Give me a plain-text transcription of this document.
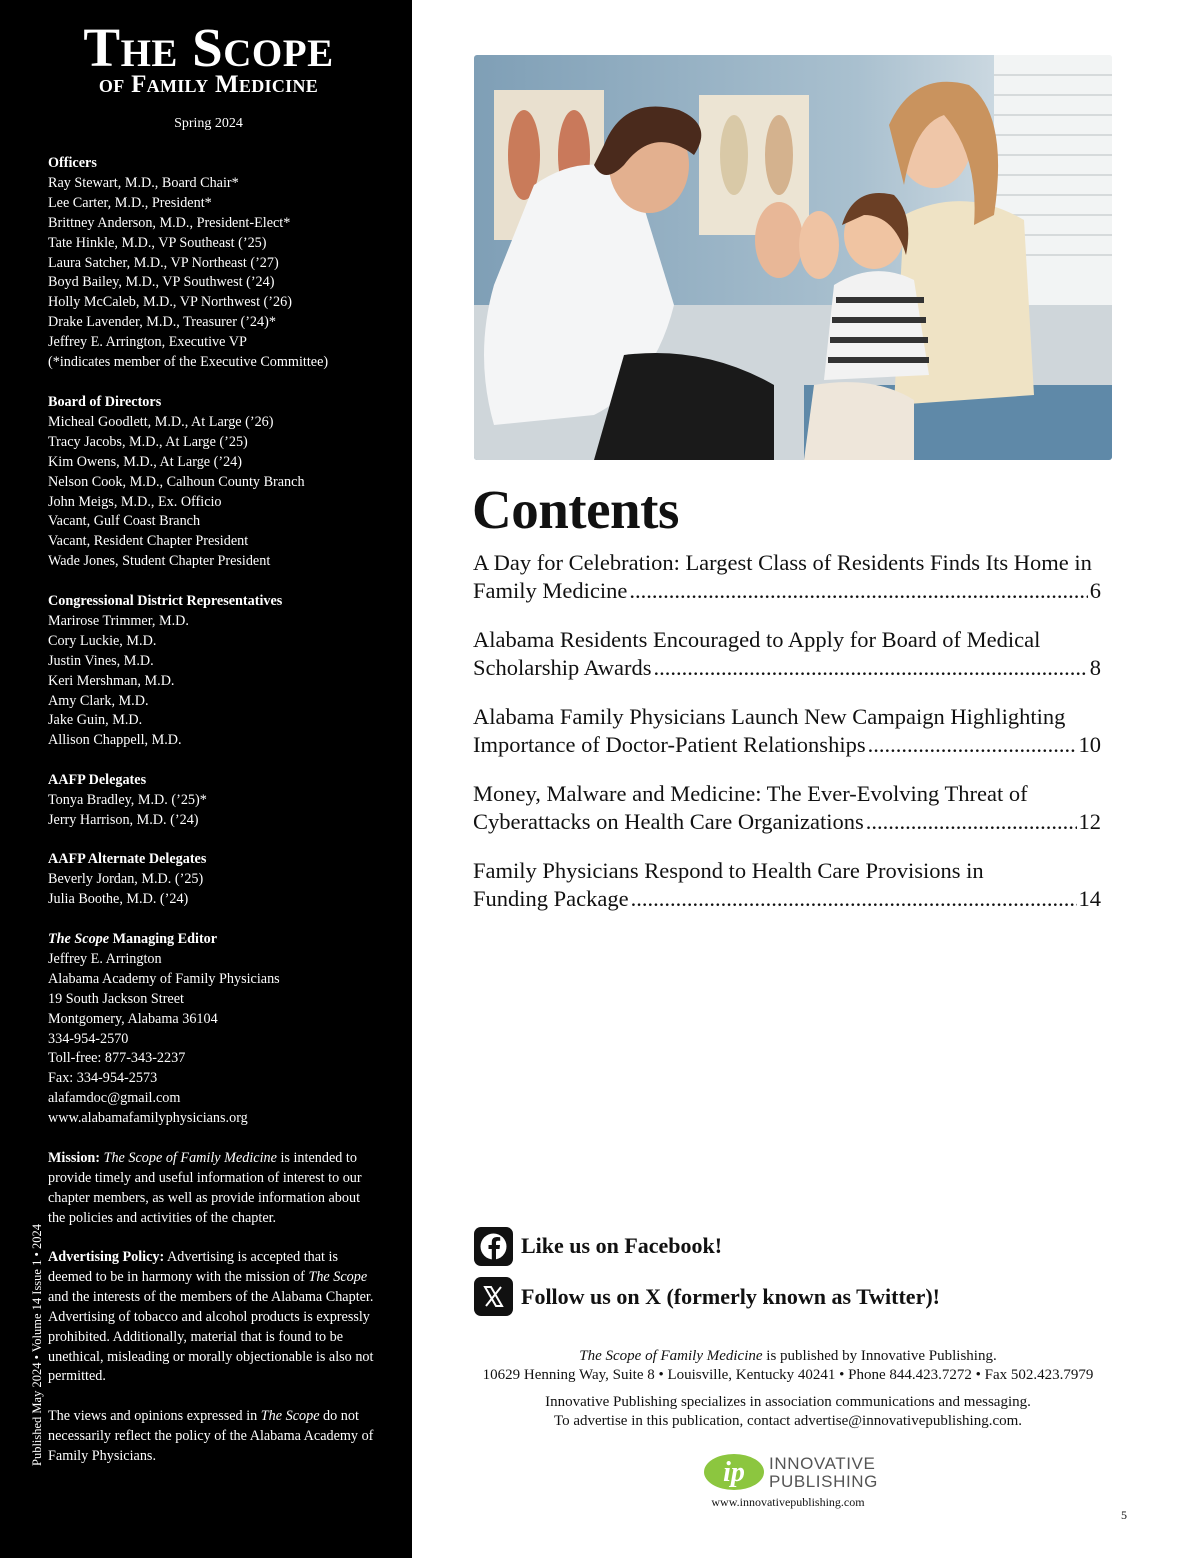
The Scope
of Family Medicine
Spring 2024
Officers
Ray Stewart, M.D., Board Chair*
Lee Carter, M.D., President*
Brittney Anderson, M.D., President-Elect*
Tate Hinkle, M.D., VP Southeast (’25)
Laura Satcher, M.D., VP Northeast (’27)
Boyd Bailey, M.D., VP Southwest (’24)
Holly McCaleb, M.D., VP Northwest (’26)
Drake Lavender, M.D., Treasurer (’24)*
Jeffrey E. Arrington, Executive VP
(*indicates member of the Executive Committee)
Board of Directors
Micheal Goodlett, M.D., At Large (’26)
Tracy Jacobs, M.D., At Large (’25)
Kim Owens, M.D., At Large (’24)
Nelson Cook, M.D., Calhoun County Branch
John Meigs, M.D., Ex. Officio
Vacant, Gulf Coast Branch
Vacant, Resident Chapter President
Wade Jones, Student Chapter President
Congressional District Representatives
Marirose Trimmer, M.D.
Cory Luckie, M.D.
Justin Vines, M.D.
Keri Mershman, M.D.
Amy Clark, M.D.
Jake Guin, M.D.
Allison Chappell, M.D.
AAFP Delegates
Tonya Bradley, M.D. (’25)*
Jerry Harrison, M.D. (’24)
AAFP Alternate Delegates
Beverly Jordan, M.D. (’25)
Julia Boothe, M.D. (’24)
The Scope Managing Editor
Jeffrey E. Arrington
Alabama Academy of Family Physicians
19 South Jackson Street
Montgomery, Alabama 36104
334-954-2570
Toll-free: 877-343-2237
Fax: 334-954-2573
alafamdoc@gmail.com
www.alabamafamilyphysicians.org

Mission: The Scope of Family Medicine is intended to provide timely and useful information of interest to our chapter members, as well as provide information about the policies and activities of the chapter.

Advertising Policy: Advertising is accepted that is deemed to be in harmony with the mission of The Scope and the interests of the members of the Alabama Chapter. Advertising of tobacco and alcohol products is expressly prohibited. Additionally, material that is found to be unethical, misleading or morally objectionable is also not permitted.

The views and opinions expressed in The Scope do not necessarily reflect the policy of the Alabama Academy of Family Physicians.

Published May 2024 • Volume 14 Issue 1 • 2024
Contents
A Day for Celebration: Largest Class of Residents Finds Its Home in
Family Medicine .....	6
Alabama Residents Encouraged to Apply for Board of Medical
Scholarship Awards .....	8
Alabama Family Physicians Launch New Campaign Highlighting
Importance of Doctor-Patient Relationships .....	10
Money, Malware and Medicine: The Ever-Evolving Threat of
Cyberattacks on Health Care Organizations .....	12
Family Physicians Respond to Health Care Provisions in
Funding Package .....	14
Like us on Facebook!
Follow us on X (formerly known as Twitter)!
The Scope of Family Medicine is published by Innovative Publishing.
10629 Henning Way, Suite 8 • Louisville, Kentucky 40241 • Phone 844.423.7272 • Fax 502.423.7979
Innovative Publishing specializes in association communications and messaging.
To advertise in this publication, contact advertise@innovativepublishing.com.
ip INNOVATIVE
PUBLISHING
www.innovativepublishing.com
5
